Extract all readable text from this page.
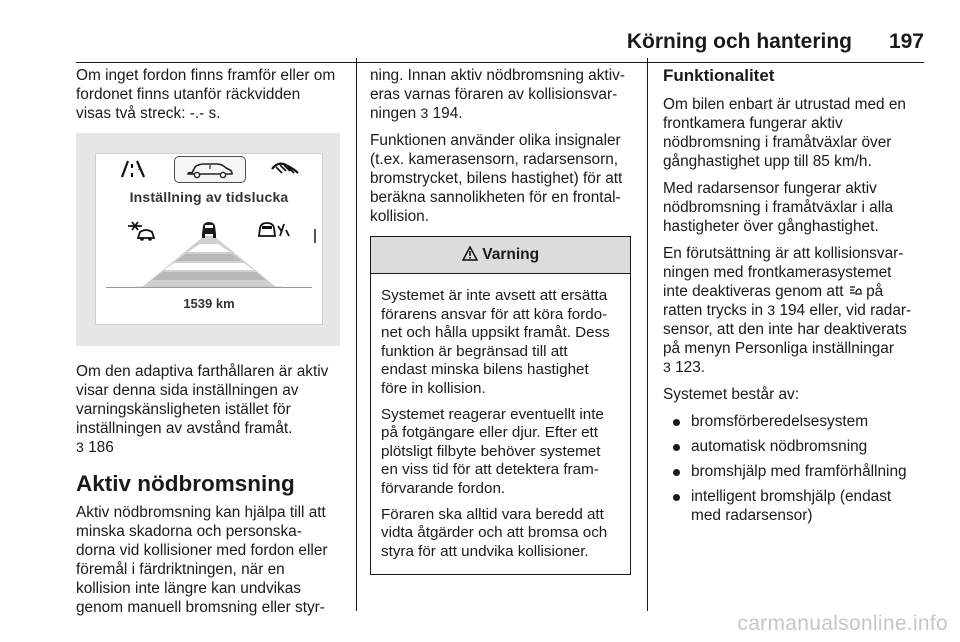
Körning och hantering 197

Om inget fordon finns framför eller om
fordonet finns utanför räckvidden
visas två streck: -.- s.

!
Inställning av tidslucka
1539 km

Om den adaptiva farthållaren är aktiv
visar denna sida inställningen av
varningskänsligheten istället för
inställningen av avstånd framåt.
3 186

Aktiv nödbromsning

Aktiv nödbromsning kan hjälpa till att
minska skadorna och personska-
dorna vid kollisioner med fordon eller
föremål i färdriktningen, när en
kollision inte längre kan undvikas
genom manuell bromsning eller styr-

ning. Innan aktiv nödbromsning aktiv-
eras varnas föraren av kollisionsvar-
ningen 3 194.

Funktionen använder olika insignaler
(t.ex. kamerasensorn, radarsensorn,
bromstrycket, bilens hastighet) för att
beräkna sannolikheten för en frontal-
kollision.

Varning

Systemet är inte avsett att ersätta
förarens ansvar för att köra fordo-
net och hålla uppsikt framåt. Dess
funktion är begränsad till att
endast minska bilens hastighet
före in kollision.

Systemet reagerar eventuellt inte
på fotgängare eller djur. Efter ett
plötsligt filbyte behöver systemet
en viss tid för att detektera fram-
förvarande fordon.

Föraren ska alltid vara beredd att
vidta åtgärder och att bromsa och
styra för att undvika kollisioner.

Funktionalitet

Om bilen enbart är utrustad med en
frontkamera fungerar aktiv
nödbromsning i framåtväxlar över
gånghastighet upp till 85 km/h.

Med radarsensor fungerar aktiv
nödbromsning i framåtväxlar i alla
hastigheter över gånghastighet.

En förutsättning är att kollisionsvar-
ningen med frontkamerasystemet
inte deaktiveras genom att på
ratten trycks in 3 194 eller, vid radar-
sensor, att den inte har deaktiverats
på menyn Personliga inställningar
3 123.

Systemet består av:

bromsförberedelsesystem
automatisk nödbromsning
bromshjälp med framförhållning
intelligent bromshjälp (endast
med radarsensor)
carmanualsonline.info
